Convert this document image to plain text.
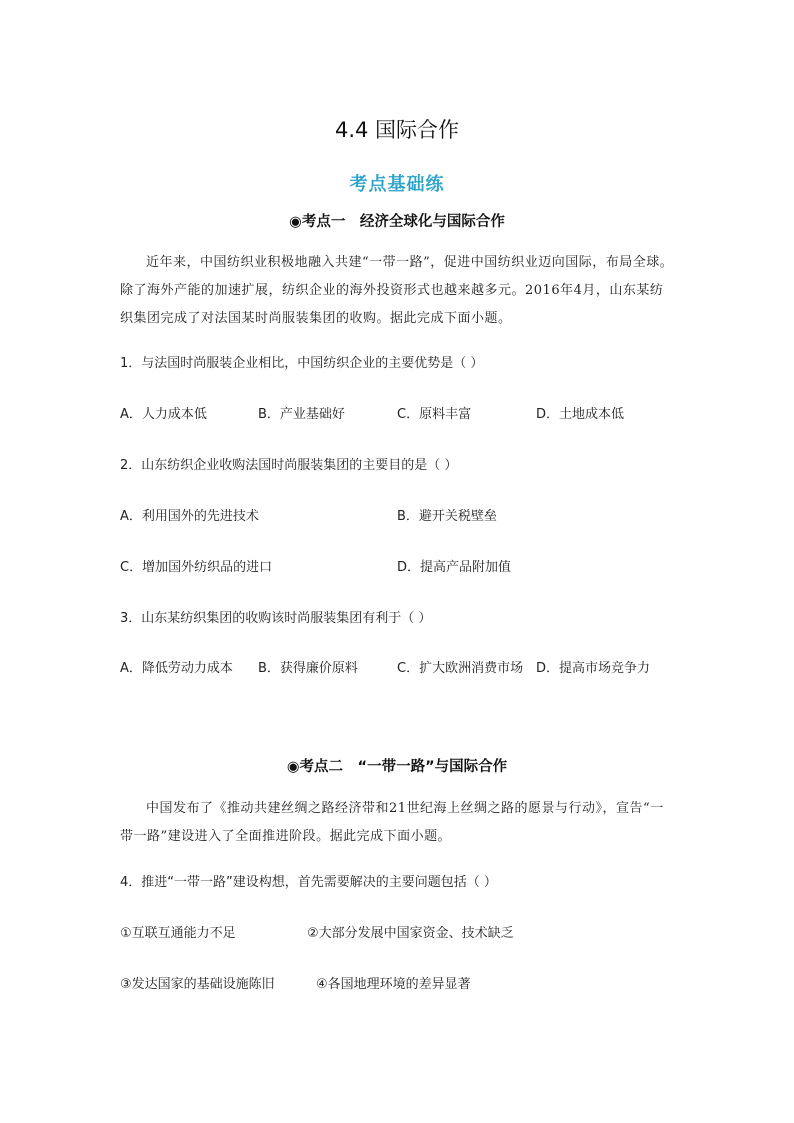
4.4 国际合作
考点基础练
◉考点一　经济全球化与国际合作
近年来，中国纺织业积极地融入共建“一带一路”，促进中国纺织业迈向国际，布局全球。除了海外产能的加速扩展，纺织企业的海外投资形式也越来越多元。2016年4月，山东某纺织集团完成了对法国某时尚服装集团的收购。据此完成下面小题。
1．与法国时尚服装企业相比，中国纺织企业的主要优势是（ ）
A．人力成本低	B．产业基础好	C．原料丰富	D．土地成本低
2．山东纺织企业收购法国时尚服装集团的主要目的是（ ）
A．利用国外的先进技术	B．避开关税壁垒
C．增加国外纺织品的进口	D．提高产品附加值
3．山东某纺织集团的收购该时尚服装集团有利于（ ）
A．降低劳动力成本 B．获得廉价原料	C．扩大欧洲消费市场 D．提高市场竞争力
◉考点二　“一带一路”与国际合作
中国发布了《推动共建丝绸之路经济带和21世纪海上丝绸之路的愿景与行动》，宣告“一带一路”建设进入了全面推进阶段。据此完成下面小题。
4．推进“一带一路”建设构想，首先需要解决的主要问题包括（ ）
①互联互通能力不足	②大部分发展中国家资金、技术缺乏
③发达国家的基础设施陈旧	④各国地理环境的差异显著
